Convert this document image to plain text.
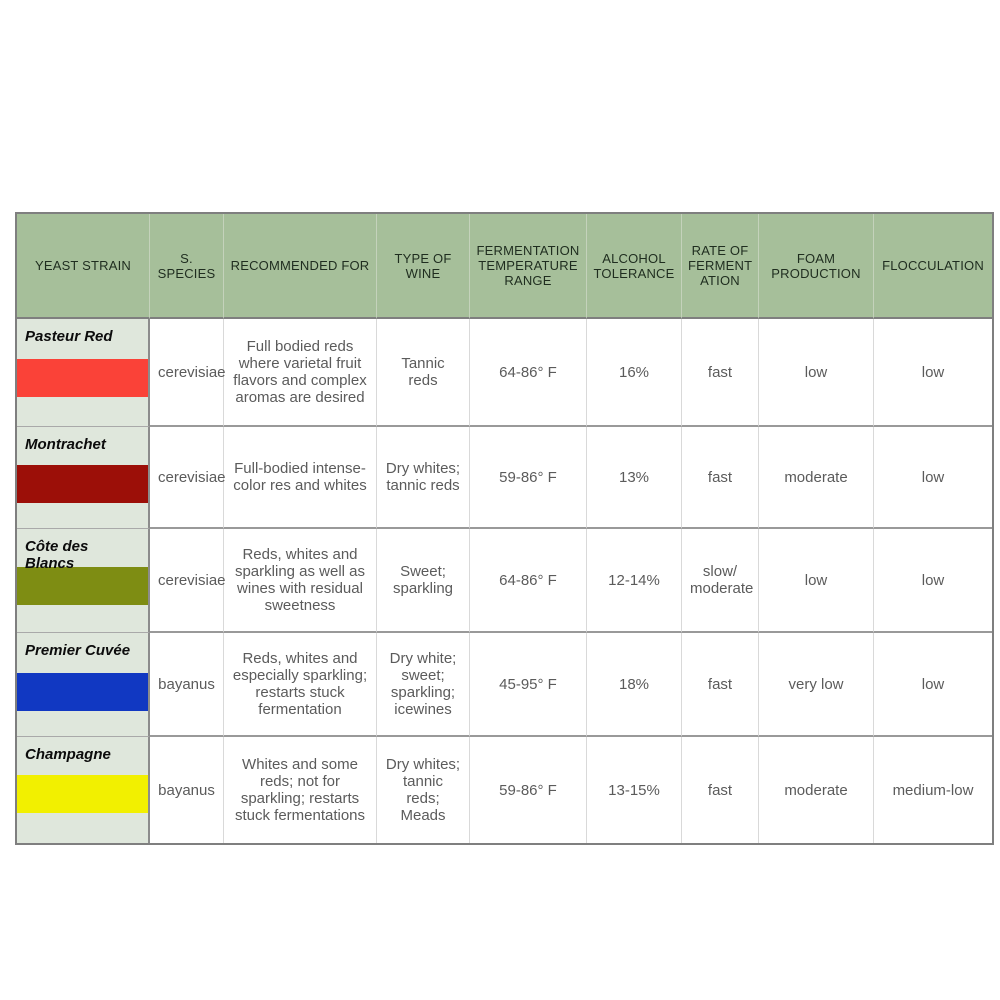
YEAST STRAIN	S. SPECIES	RECOMMENDED FOR	TYPE OF WINE	FERMENTATION TEMPERATURE RANGE	ALCOHOL TOLERANCE	RATE OF FERMENT ATION	FOAM PRODUCTION	FLOCCULATION

Pasteur Red	cerevisiae	Full bodied reds where varietal fruit flavors and complex aromas are desired	Tannic reds	64-86° F	16%	fast	low	low

Montrachet	cerevisiae	Full-bodied intense-color res and whites	Dry whites; tannic reds	59-86° F	13%	fast	moderate	low

Côte des Blancs	cerevisiae	Reds, whites and sparkling as well as wines with residual sweetness	Sweet; sparkling	64-86° F	12-14%	slow/ moderate	low	low

Premier Cuvée	bayanus	Reds, whites and especially sparkling; restarts stuck fermentation	Dry white; sweet; sparkling; icewines	45-95° F	18%	fast	very low	low

Champagne	bayanus	Whites and some reds; not for sparkling; restarts stuck fermentations	Dry whites; tannic reds; Meads	59-86° F	13-15%	fast	moderate	medium-low
